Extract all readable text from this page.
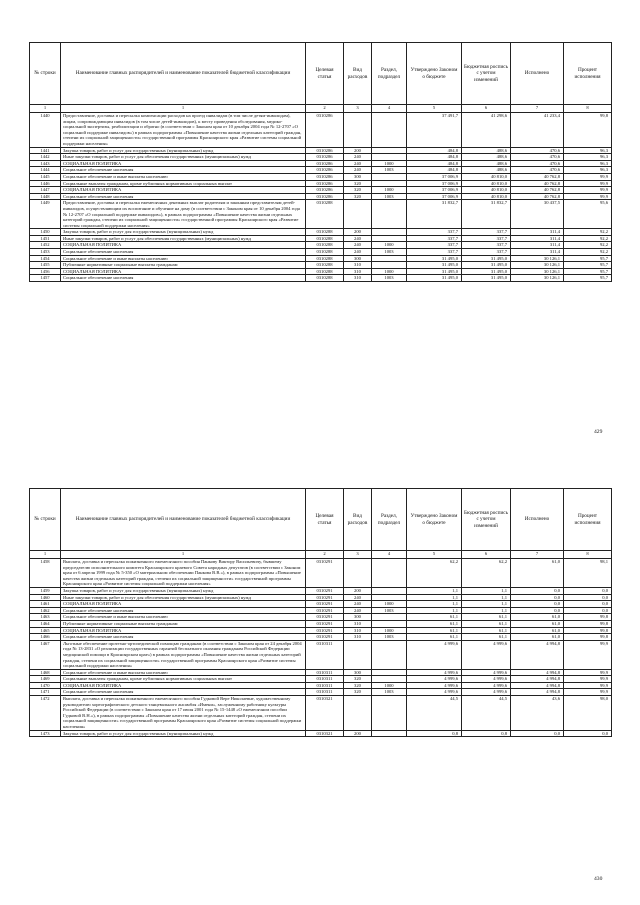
№ строки	Наименование главных распорядителей и наименование показателей бюджетной классификации	Целевая статья	Вид расходов	Раздел, подраздел	Утверждено Законом о бюджете	Бюджетная роспись с учетом изменений	Исполнено	Процент исполнения
1	1	2	3	4	5	6	7	8
1440	Предоставление, доставка и пересылка компенсации расходов на проезд инвалидам (в том числе детям-инвалидам), лицам, сопровождающим инвалидов (в том числе детей-инвалидов), к месту проведения обследования, медико-социальной экспертизы, реабилитации и обратно (в соответствии с Законом края от 10 декабря 2004 года № 12-2707 «О социальной поддержке инвалидов») в рамках подпрограммы «Повышение качества жизни отдельных категорий граждан, степени их социальной защищенности» государственной программы Красноярского края «Развитие системы социальной поддержки населения»	0310286			37 491,7	41 298,6	41 233,4	99,8
1441	Закупка товаров, работ и услуг для государственных (муниципальных) нужд	0310286	200		484,8	488,6	470,6	96,3
1442	Иные закупки товаров, работ и услуг для обеспечения государственных (муниципальных) нужд	0310286	240		484,8	488,6	470,6	96,3
1443	СОЦИАЛЬНАЯ ПОЛИТИКА	0310286	240	1000	484,8	488,6	470,6	96,3
1444	Социальное обеспечение населения	0310286	240	1003	484,8	488,6	470,6	96,3
1445	Социальное обеспечение и иные выплаты населению	0310286	300		37 006,9	40 810,0	40 762,8	99,9
1446	Социальные выплаты гражданам, кроме публичных нормативных социальных выплат	0310286	320		37 006,9	40 810,0	40 762,8	99,9
1447	СОЦИАЛЬНАЯ ПОЛИТИКА	0310286	320	1000	37 006,9	40 810,0	40 762,8	99,9
1448	Социальное обеспечение населения	0310286	320	1003	37 006,9	40 810,0	40 762,8	99,9
1449	Предоставление, доставка и пересылка ежемесячных денежных выплат родителям и законным представителям детей-инвалидов, осуществляющим их воспитание и обучение на дому (в соответствии с Законом края от 10 декабря 2004 года № 12-2707 «О социальной поддержке инвалидов»), в рамках подпрограммы «Повышение качества жизни отдельных категорий граждан, степени их социальной защищенности» государственной программы Красноярского края «Развитие системы социальной поддержки населения»	0310288			31 832,7	31 832,7	30 437,5	95,6
1450	Закупка товаров, работ и услуг для государственных (муниципальных) нужд	0310288	200		337,7	337,7	311,4	92,2
1451	Иные закупки товаров, работ и услуг для обеспечения государственных (муниципальных) нужд	0310288	240		337,7	337,7	311,4	92,2
1452	СОЦИАЛЬНАЯ ПОЛИТИКА	0310288	240	1000	337,7	337,7	311,4	92,2
1453	Социальное обеспечение населения	0310288	240	1003	337,7	337,7	311,4	92,2
1454	Социальное обеспечение и иные выплаты населению	0310288	300		31 495,0	31 495,0	30 126,1	95,7
1455	Публичные нормативные социальные выплаты гражданам	0310288	310		31 495,0	31 495,0	30 126,1	95,7
1456	СОЦИАЛЬНАЯ ПОЛИТИКА	0310288	310	1000	31 495,0	31 495,0	30 126,1	95,7
1457	Социальное обеспечение населения	0310288	310	1003	31 495,0	31 495,0	30 126,1	95,7
429
№ строки	Наименование главных распорядителей и наименование показателей бюджетной классификации	Целевая статья	Вид расходов	Раздел, подраздел	Утверждено Законом о бюджете	Бюджетная роспись с учетом изменений	Исполнено	Процент исполнения
1	1	2	3	4	5	6	7	8
1458	Выплата, доставка и пересылка пожизненного ежемесячного пособия Панкову Виктору Васильевичу, бывшему председателю исполнительного комитета Красноярского краевого Совета народных депутатов (в соответствии с Законом края от 6 апреля 1999 года № 5-350 «О материальном обеспечении Панкова В.В.»), в рамках подпрограммы «Повышение качества жизни отдельных категорий граждан, степени их социальной защищенности» государственной программы Красноярского края «Развитие системы социальной поддержки населения»	0310291			62,2	62,2	61,0	98,1
1459	Закупка товаров, работ и услуг для государственных (муниципальных) нужд	0310291	200		1,1	1,1	0,0	0,0
1460	Иные закупки товаров, работ и услуг для обеспечения государственных (муниципальных) нужд	0310291	240		1,1	1,1	0,0	0,0
1461	СОЦИАЛЬНАЯ ПОЛИТИКА	0310291	240	1000	1,1	1,1	0,0	0,0
1462	Социальное обеспечение населения	0310291	240	1003	1,1	1,1	0,0	0,0
1463	Социальное обеспечение и иные выплаты населению	0310291	300		61,1	61,1	61,0	99,8
1464	Публичные нормативные социальные выплаты гражданам	0310291	310		61,1	61,1	61,0	99,8
1465	СОЦИАЛЬНАЯ ПОЛИТИКА	0310291	310	1000	61,1	61,1	61,0	99,8
1466	Социальное обеспечение населения	0310291	310	1003	61,1	61,1	61,0	99,8
1467	Льготные обеспечение протезно-ортопедической помощью гражданам (в соответствии с Законом края от 24 декабря 2004 года № 13-2831 «О реализации государственных гарантий бесплатного оказания гражданам Российской Федерации медицинской помощи в Красноярском крае») в рамках подпрограммы «Повышение качества жизни отдельных категорий граждан, степени их социальной защищенности» государственной программы Красноярского края «Развитие системы социальной поддержки населения»	0310311			4 999,6	4 999,6	4 994,8	99,9
1468	Социальное обеспечение и иные выплаты населению	0310311	300		4 999,6	4 999,6	4 994,8	99,9
1469	Социальные выплаты гражданам, кроме публичных нормативных социальных выплат	0310311	320		4 999,6	4 999,6	4 994,8	99,9
1470	СОЦИАЛЬНАЯ ПОЛИТИКА	0310311	320	1000	4 999,6	4 999,6	4 994,8	99,9
1471	Социальное обеспечение населения	0310311	320	1003	4 999,6	4 999,6	4 994,8	99,9
1472	Выплата, доставка и пересылка пожизненного ежемесячного пособия Гудковой Вере Николаевне, художественному руководителю хореографического детского танцевального ансамбля «Имени», заслуженному работнику культуры Российской Федерации (в соответствии с Законом края от 17 июля 2001 года № 15-1448 «О ежемесячном пособии Гудковой В.Н.»), в рамках подпрограммы «Повышение качества жизни отдельных категорий граждан, степени их социальной защищенности» государственной программы Красноярского края «Развитие системы социальной поддержки населения»	0310321			44,5	44,5	43,6	98,0
1473	Закупка товаров, работ и услуг для государственных (муниципальных) нужд	0310321	200		0,8	0,8	0,0	0,0
430
